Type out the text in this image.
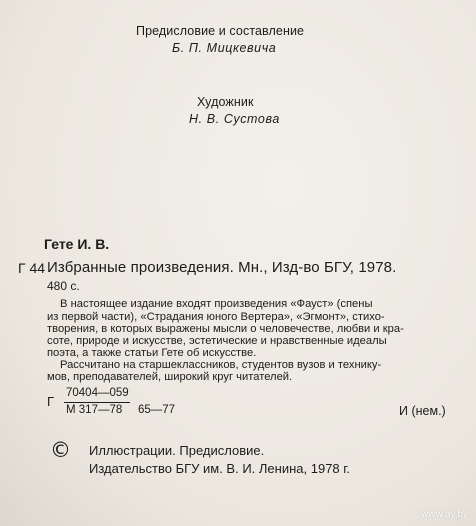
Предисловие и составление
Б. П. Мицкевича
Художник
Н. В. Сустова
Гете И. В.
Г 44 Избранные произведения. Мн., Изд-во БГУ, 1978.
480 с.
В настоящее издание входят произведения «Фауст» (спены
из первой части), «Страдания юного Вертера», «Эгмонт», стихо-
творения, в которых выражены мысли о человечестве, любви и кра-
соте, природе и искусстве, эстетические и нравственные идеалы
поэта, а также статьи Гете об искусстве.
Рассчитано на старшеклассников, студентов вузов и технику-
мов, преподавателей, широкий круг читателей.
Г
70404—059
М 317—78 65—77	И (нем.)
© Иллюстрации. Предисловие.
Издательство БГУ им. В. И. Ленина, 1978 г.
www.ay.by
